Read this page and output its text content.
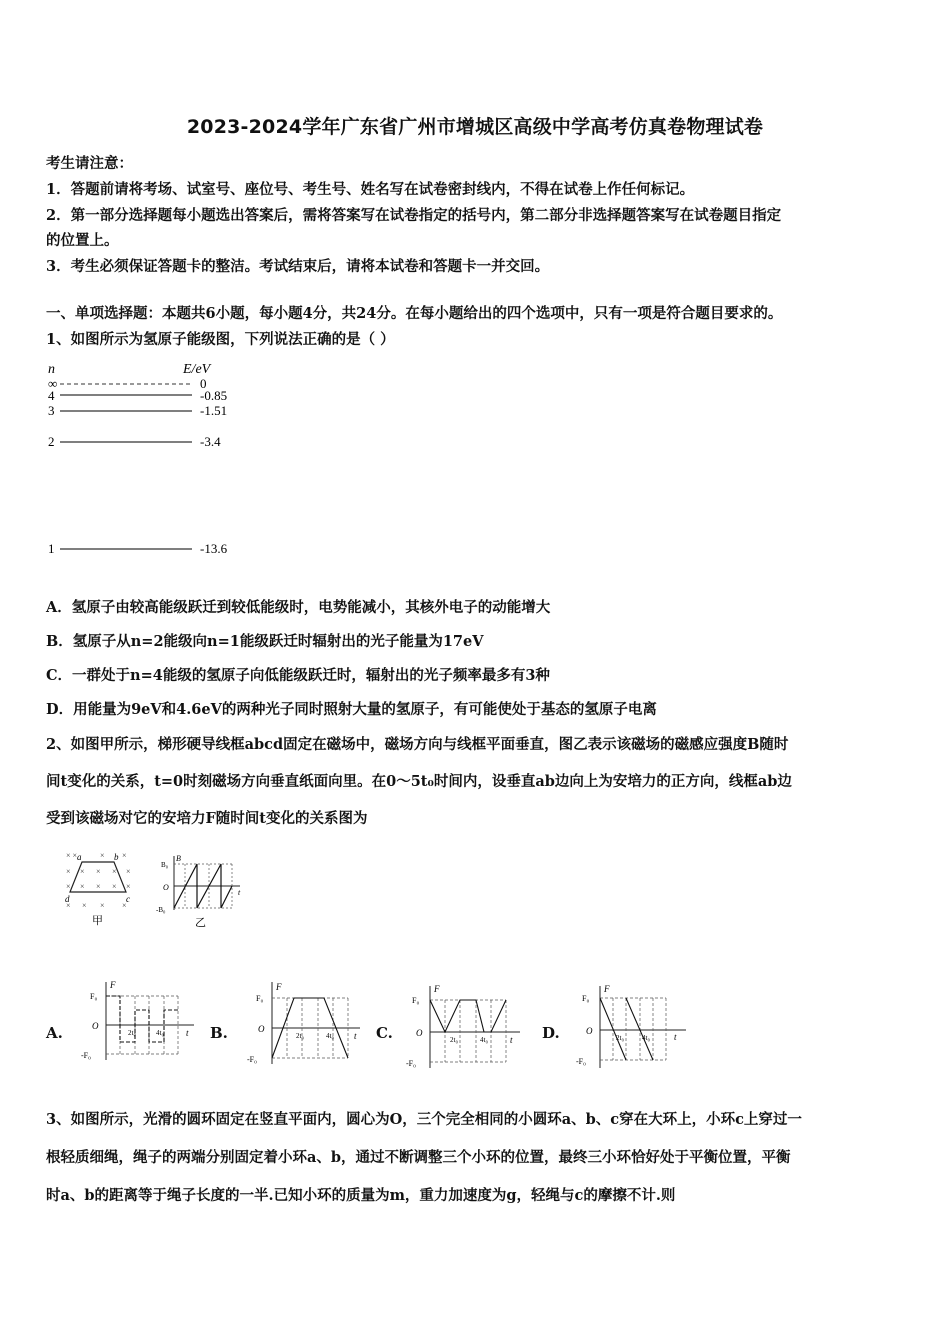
2023-2024学年广东省广州市增城区高级中学高考仿真卷物理试卷
考生请注意：
1．答题前请将考场、试室号、座位号、考生号、姓名写在试卷密封线内，不得在试卷上作任何标记。
2．第一部分选择题每小题选出答案后，需将答案写在试卷指定的括号内，第二部分非选择题答案写在试卷题目指定
的位置上。
3．考生必须保证答题卡的整洁。考试结束后，请将本试卷和答题卡一并交回。
一、单项选择题：本题共6小题，每小题4分，共24分。在每小题给出的四个选项中，只有一项是符合题目要求的。
1、如图所示为氢原子能级图，下列说法正确的是（ ）
n	E/eV
∞	0
4	-0.85
3	-1.51
2	-3.4
1	-13.6
A．氢原子由较高能级跃迁到较低能级时，电势能减小，其核外电子的动能增大
B．氢原子从n=2能级向n=1能级跃迁时辐射出的光子能量为17eV
C．一群处于n=4能级的氢原子向低能级跃迁时，辐射出的光子频率最多有3种
D．用能量为9eV和4.6eV的两种光子同时照射大量的氢原子，有可能使处于基态的氢原子电离
2、如图甲所示，梯形硬导线框abcd固定在磁场中，磁场方向与线框平面垂直，图乙表示该磁场的磁感应强度B随时
间t变化的关系，t=0时刻磁场方向垂直纸面向里。在0～5t₀时间内，设垂直ab边向上为安培力的正方向，线框ab边
受到该磁场对它的安培力F随时间t变化的关系图为
× ×	× ×
× × × × ×
× × × × ×
× × × ×
a	b
c
d
甲
B
B₀
O
-B₀
t
乙
A.
F
F₀
O
-F₀
t
2t₀	4t₀	B.
F
F₀
O
-F₀
t
2t₀	4t₀	C.
F
F₀
O
-F₀
t
2t₀	4t₀	D.
F
F₀
O
-F₀
t
2t₀	4t₀
3、如图所示，光滑的圆环固定在竖直平面内，圆心为O，三个完全相同的小圆环a、b、c穿在大环上，小环c上穿过一
根轻质细绳，绳子的两端分别固定着小环a、b，通过不断调整三个小环的位置，最终三小环恰好处于平衡位置，平衡
时a、b的距离等于绳子长度的一半.已知小环的质量为m，重力加速度为g，轻绳与c的摩擦不计.则
